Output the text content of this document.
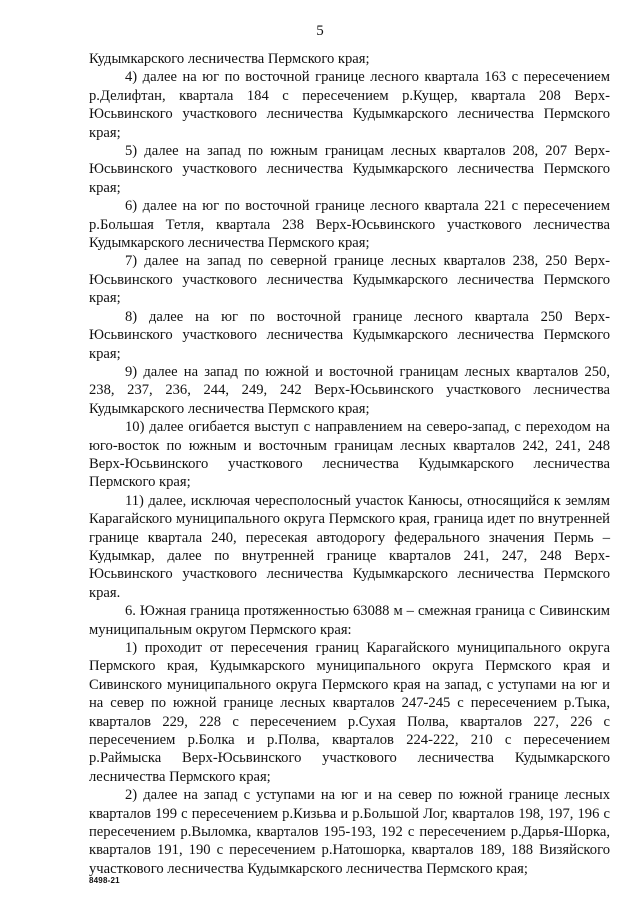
5

Кудымкарского лесничества Пермского края;

4) далее на юг по восточной границе лесного квартала 163 с пересечением р.Делифтан, квартала 184 с пересечением р.Кущер, квартала 208 Верх-Юсьвинского участкового лесничества Кудымкарского лесничества Пермского края;

5) далее на запад по южным границам лесных кварталов 208, 207 Верх-Юсьвинского участкового лесничества Кудымкарского лесничества Пермского края;

6) далее на юг по восточной границе лесного квартала 221 с пересечением р.Большая Тетля, квартала 238 Верх-Юсьвинского участкового лесничества Кудымкарского лесничества Пермского края;

7) далее на запад по северной границе лесных кварталов 238, 250 Верх-Юсьвинского участкового лесничества Кудымкарского лесничества Пермского края;

8) далее на юг по восточной границе лесного квартала 250 Верх-Юсьвинского участкового лесничества Кудымкарского лесничества Пермского края;

9) далее на запад по южной и восточной границам лесных кварталов 250, 238, 237, 236, 244, 249, 242 Верх-Юсьвинского участкового лесничества Кудымкарского лесничества Пермского края;

10) далее огибается выступ с направлением на северо-запад, с переходом на юго-восток по южным и восточным границам лесных кварталов 242, 241, 248 Верх-Юсьвинского участкового лесничества Кудымкарского лесничества Пермского края;

11) далее, исключая чересполосный участок Канюсы, относящийся к землям Карагайского муниципального округа Пермского края, граница идет по внутренней границе квартала 240, пересекая автодорогу федерального значения Пермь – Кудымкар, далее по внутренней границе кварталов 241, 247, 248 Верх-Юсьвинского участкового лесничества Кудымкарского лесничества Пермского края.

6. Южная граница протяженностью 63088 м – смежная граница с Сивинским муниципальным округом Пермского края:

1) проходит от пересечения границ Карагайского муниципального округа Пермского края, Кудымкарского муниципального округа Пермского края и Сивинского муниципального округа Пермского края на запад, с уступами на юг и на север по южной границе лесных кварталов 247-245 с пересечением р.Тыка, кварталов 229, 228 с пересечением р.Сухая Полва, кварталов 227, 226 с пересечением р.Болка и р.Полва, кварталов 224-222, 210 с пересечением р.Раймыска Верх-Юсьвинского участкового лесничества Кудымкарского лесничества Пермского края;

2) далее на запад с уступами на юг и на север по южной границе лесных кварталов 199 с пересечением р.Кизьва и р.Большой Лог, кварталов 198, 197, 196 с пересечением р.Выломка, кварталов 195-193, 192 с пересечением р.Дарья-Шорка, кварталов 191, 190 с пересечением р.Натошорка, кварталов 189, 188 Визяйского участкового лесничества Кудымкарского лесничества Пермского края;

8498-21
